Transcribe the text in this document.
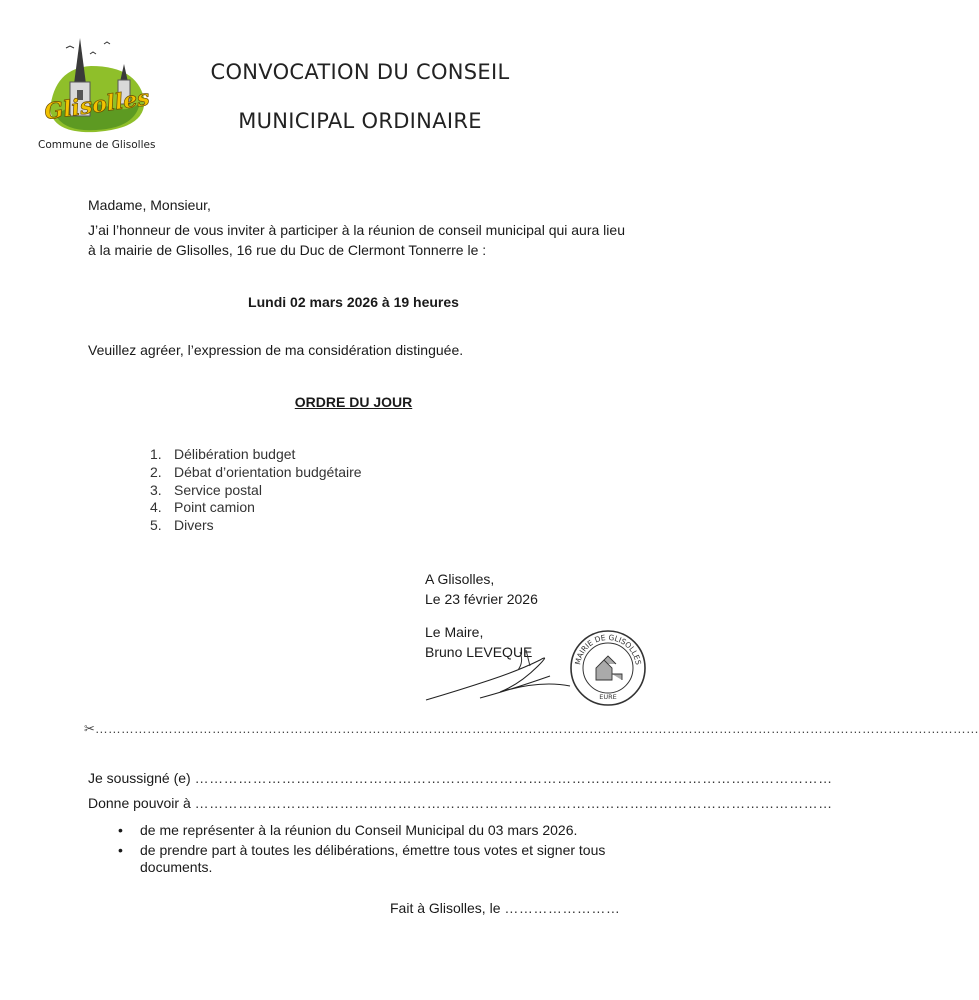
Glisolles
Commune de Glisolles
CONVOCATION DU CONSEIL
MUNICIPAL ORDINAIRE
Madame, Monsieur,
J’ai l’honneur de vous inviter à participer à la réunion de conseil municipal qui aura lieu à la mairie de Glisolles, 16 rue du Duc de Clermont Tonnerre le :
Lundi 02 mars 2026 à 19 heures
Veuillez agréer, l’expression de ma considération distinguée.
ORDRE DU JOUR
1. Délibération budget
2. Débat d’orientation budgétaire
3. Service postal
4. Point camion
5. Divers
A Glisolles,
Le 23 février 2026
Le Maire,
Bruno LEVEQUE
MAIRIE DE GLISOLLES
EURE
✂……………………………………………………………………………………………………………………………………………………………………………………
Je soussigné (e) ……………………………………………………………………………………………………………………
Donne pouvoir à ……………………………………………………………………………………………………………………
• de me représenter à la réunion du Conseil Municipal du 03 mars 2026.
• de prendre part à toutes les délibérations, émettre tous votes et signer tous documents.
Fait à Glisolles, le ……………………
